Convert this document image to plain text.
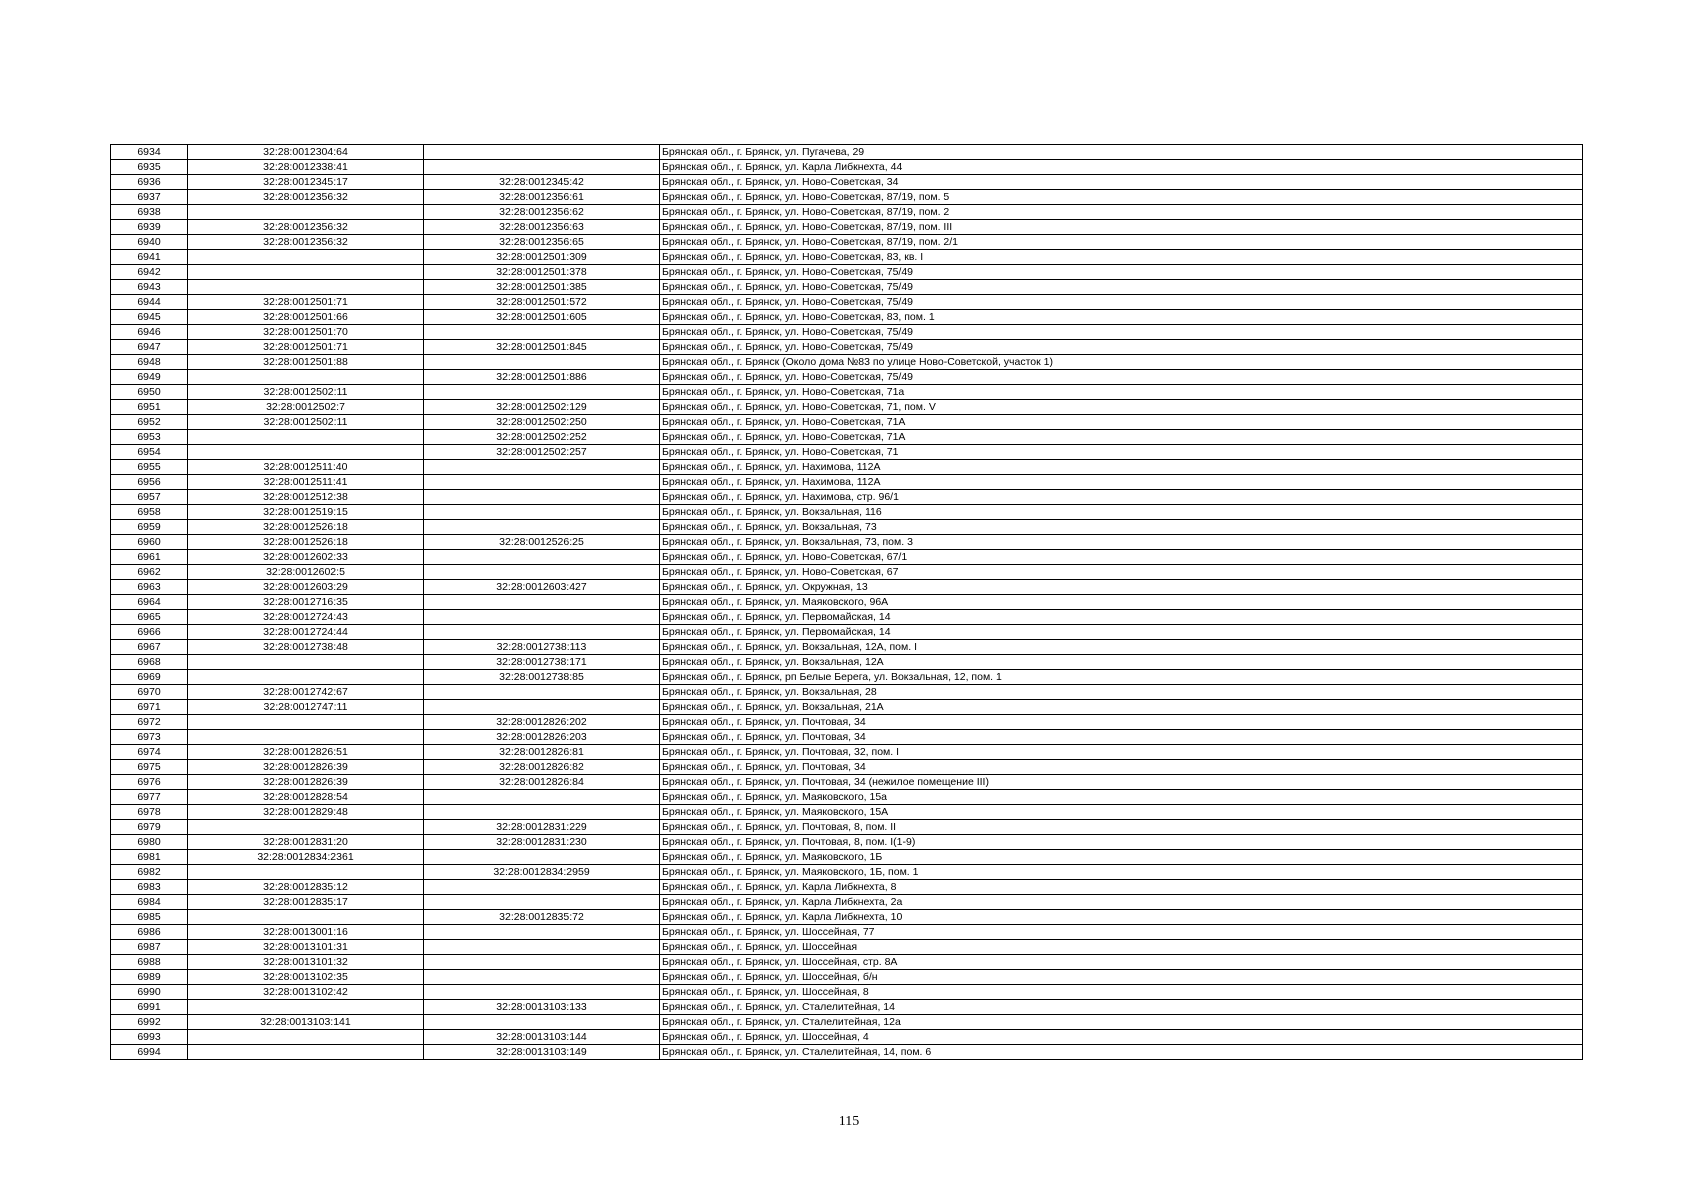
6934	32:28:0012304:64		Брянская обл., г. Брянск, ул. Пугачева, 29
6935	32:28:0012338:41		Брянская обл., г. Брянск, ул. Карла Либкнехта, 44
6936	32:28:0012345:17	32:28:0012345:42	Брянская обл., г. Брянск, ул. Ново-Советская, 34
6937	32:28:0012356:32	32:28:0012356:61	Брянская обл., г. Брянск, ул. Ново-Советская, 87/19, пом. 5
6938		32:28:0012356:62	Брянская обл., г. Брянск, ул. Ново-Советская, 87/19, пом. 2
6939	32:28:0012356:32	32:28:0012356:63	Брянская обл., г. Брянск, ул. Ново-Советская, 87/19, пом. III
6940	32:28:0012356:32	32:28:0012356:65	Брянская обл., г. Брянск, ул. Ново-Советская, 87/19, пом. 2/1
6941		32:28:0012501:309	Брянская обл., г. Брянск, ул. Ново-Советская, 83, кв. I
6942		32:28:0012501:378	Брянская обл., г. Брянск, ул. Ново-Советская, 75/49
6943		32:28:0012501:385	Брянская обл., г. Брянск, ул. Ново-Советская, 75/49
6944	32:28:0012501:71	32:28:0012501:572	Брянская обл., г. Брянск, ул. Ново-Советская, 75/49
6945	32:28:0012501:66	32:28:0012501:605	Брянская обл., г. Брянск, ул. Ново-Советская, 83, пом. 1
6946	32:28:0012501:70		Брянская обл., г. Брянск, ул. Ново-Советская, 75/49
6947	32:28:0012501:71	32:28:0012501:845	Брянская обл., г. Брянск, ул. Ново-Советская, 75/49
6948	32:28:0012501:88		Брянская обл., г. Брянск (Около дома №83 по улице Ново-Советской, участок 1)
6949		32:28:0012501:886	Брянская обл., г. Брянск, ул. Ново-Советская, 75/49
6950	32:28:0012502:11		Брянская обл., г. Брянск, ул. Ново-Советская, 71а
6951	32:28:0012502:7	32:28:0012502:129	Брянская обл., г. Брянск, ул. Ново-Советская, 71, пом. V
6952	32:28:0012502:11	32:28:0012502:250	Брянская обл., г. Брянск, ул. Ново-Советская, 71А
6953		32:28:0012502:252	Брянская обл., г. Брянск, ул. Ново-Советская, 71А
6954		32:28:0012502:257	Брянская обл., г. Брянск, ул. Ново-Советская, 71
6955	32:28:0012511:40		Брянская обл., г. Брянск, ул. Нахимова, 112А
6956	32:28:0012511:41		Брянская обл., г. Брянск, ул. Нахимова, 112А
6957	32:28:0012512:38		Брянская обл., г. Брянск, ул. Нахимова, стр. 96/1
6958	32:28:0012519:15		Брянская обл., г. Брянск, ул. Вокзальная, 116
6959	32:28:0012526:18		Брянская обл., г. Брянск, ул. Вокзальная, 73
6960	32:28:0012526:18	32:28:0012526:25	Брянская обл., г. Брянск, ул. Вокзальная, 73, пом. 3
6961	32:28:0012602:33		Брянская обл., г. Брянск, ул. Ново-Советская, 67/1
6962	32:28:0012602:5		Брянская обл., г. Брянск, ул. Ново-Советская, 67
6963	32:28:0012603:29	32:28:0012603:427	Брянская обл., г. Брянск, ул. Окружная, 13
6964	32:28:0012716:35		Брянская обл., г. Брянск, ул. Маяковского, 96А
6965	32:28:0012724:43		Брянская обл., г. Брянск, ул. Первомайская, 14
6966	32:28:0012724:44		Брянская обл., г. Брянск, ул. Первомайская, 14
6967	32:28:0012738:48	32:28:0012738:113	Брянская обл., г. Брянск, ул. Вокзальная, 12А, пом. I
6968		32:28:0012738:171	Брянская обл., г. Брянск, ул. Вокзальная, 12А
6969		32:28:0012738:85	Брянская обл., г. Брянск, рп Белые Берега, ул. Вокзальная, 12, пом. 1
6970	32:28:0012742:67		Брянская обл., г. Брянск, ул. Вокзальная, 28
6971	32:28:0012747:11		Брянская обл., г. Брянск, ул. Вокзальная, 21А
6972		32:28:0012826:202	Брянская обл., г. Брянск, ул. Почтовая, 34
6973		32:28:0012826:203	Брянская обл., г. Брянск, ул. Почтовая, 34
6974	32:28:0012826:51	32:28:0012826:81	Брянская обл., г. Брянск, ул. Почтовая, 32, пом. I
6975	32:28:0012826:39	32:28:0012826:82	Брянская обл., г. Брянск, ул. Почтовая, 34
6976	32:28:0012826:39	32:28:0012826:84	Брянская обл., г. Брянск, ул. Почтовая, 34 (нежилое помещение III)
6977	32:28:0012828:54		Брянская обл., г. Брянск, ул. Маяковского, 15а
6978	32:28:0012829:48		Брянская обл., г. Брянск, ул. Маяковского, 15А
6979		32:28:0012831:229	Брянская обл., г. Брянск, ул. Почтовая, 8, пом. II
6980	32:28:0012831:20	32:28:0012831:230	Брянская обл., г. Брянск, ул. Почтовая, 8, пом. I(1-9)
6981	32:28:0012834:2361		Брянская обл., г. Брянск, ул. Маяковского, 1Б
6982		32:28:0012834:2959	Брянская обл., г. Брянск, ул. Маяковского, 1Б, пом. 1
6983	32:28:0012835:12		Брянская обл., г. Брянск, ул. Карла Либкнехта, 8
6984	32:28:0012835:17		Брянская обл., г. Брянск, ул. Карла Либкнехта, 2а
6985		32:28:0012835:72	Брянская обл., г. Брянск, ул. Карла Либкнехта, 10
6986	32:28:0013001:16		Брянская обл., г. Брянск, ул. Шоссейная, 77
6987	32:28:0013101:31		Брянская обл., г. Брянск, ул. Шоссейная
6988	32:28:0013101:32		Брянская обл., г. Брянск, ул. Шоссейная, стр. 8А
6989	32:28:0013102:35		Брянская обл., г. Брянск, ул. Шоссейная, б/н
6990	32:28:0013102:42		Брянская обл., г. Брянск, ул. Шоссейная, 8
6991		32:28:0013103:133	Брянская обл., г. Брянск, ул. Сталелитейная, 14
6992	32:28:0013103:141		Брянская обл., г. Брянск, ул. Сталелитейная, 12а
6993		32:28:0013103:144	Брянская обл., г. Брянск, ул. Шоссейная, 4
6994		32:28:0013103:149	Брянская обл., г. Брянск, ул. Сталелитейная, 14, пом. 6
115
